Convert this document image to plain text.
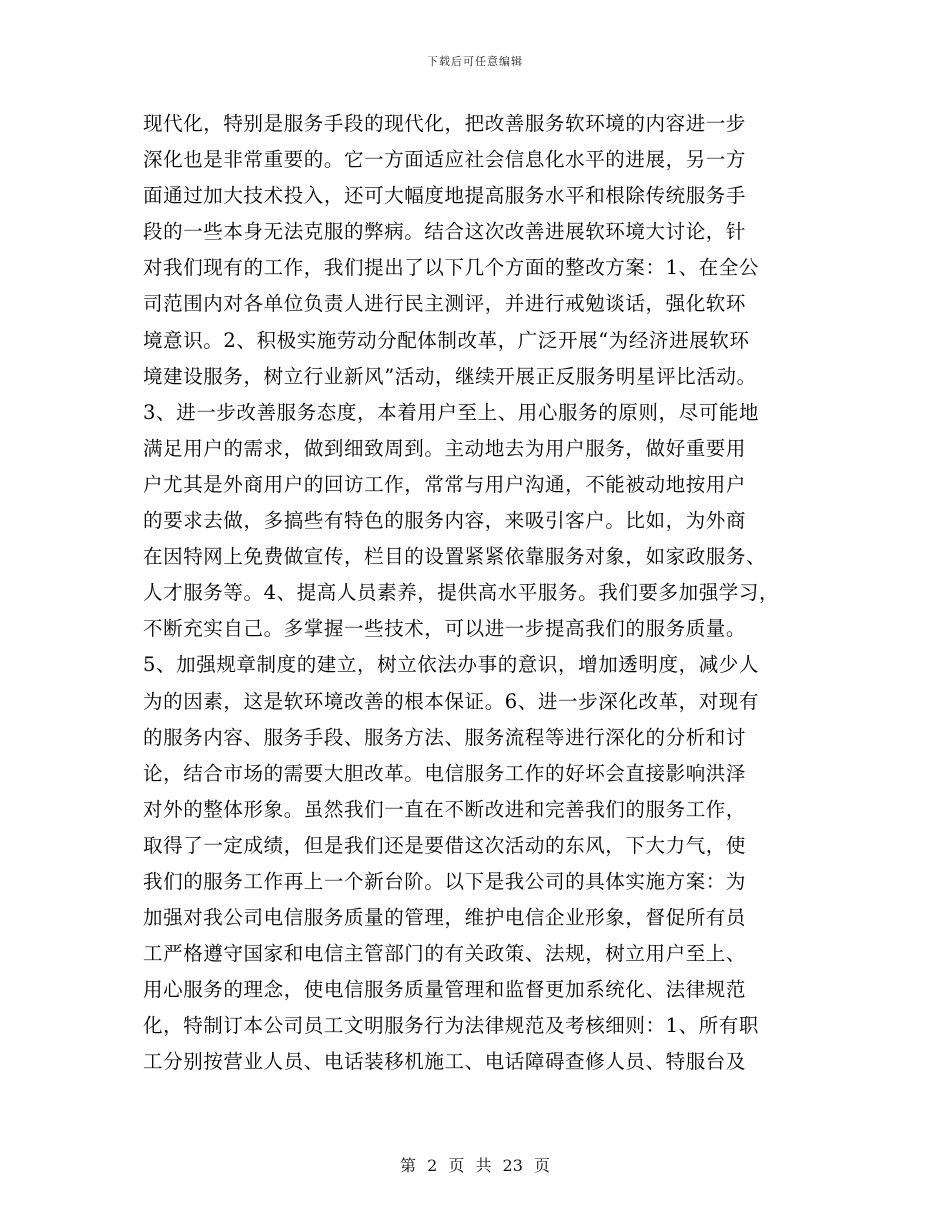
下载后可任意编辑
现代化，特别是服务手段的现代化，把改善服务软环境的内容进一步
深化也是非常重要的。它一方面适应社会信息化水平的进展，另一方
面通过加大技术投入，还可大幅度地提高服务水平和根除传统服务手
段的一些本身无法克服的弊病。结合这次改善进展软环境大讨论，针
对我们现有的工作，我们提出了以下几个方面的整改方案：1、在全公
司范围内对各单位负责人进行民主测评，并进行戒勉谈话，强化软环
境意识。2、积极实施劳动分配体制改革，广泛开展“为经济进展软环
境建设服务，树立行业新风”活动，继续开展正反服务明星评比活动。
3、进一步改善服务态度，本着用户至上、用心服务的原则，尽可能地
满足用户的需求，做到细致周到。主动地去为用户服务，做好重要用
户尤其是外商用户的回访工作，常常与用户沟通，不能被动地按用户
的要求去做，多搞些有特色的服务内容，来吸引客户。比如，为外商
在因特网上免费做宣传，栏目的设置紧紧依靠服务对象，如家政服务、
人才服务等。4、提高人员素养，提供高水平服务。我们要多加强学习，
不断充实自己。多掌握一些技术，可以进一步提高我们的服务质量。
5、加强规章制度的建立，树立依法办事的意识，增加透明度，减少人
为的因素，这是软环境改善的根本保证。6、进一步深化改革，对现有
的服务内容、服务手段、服务方法、服务流程等进行深化的分析和讨
论，结合市场的需要大胆改革。电信服务工作的好坏会直接影响洪泽
对外的整体形象。虽然我们一直在不断改进和完善我们的服务工作，
取得了一定成绩，但是我们还是要借这次活动的东风，下大力气，使
我们的服务工作再上一个新台阶。以下是我公司的具体实施方案：为
加强对我公司电信服务质量的管理，维护电信企业形象，督促所有员
工严格遵守国家和电信主管部门的有关政策、法规，树立用户至上、
用心服务的理念，使电信服务质量管理和监督更加系统化、法律规范
化，特制订本公司员工文明服务行为法律规范及考核细则：1、所有职
工分别按营业人员、电话装移机施工、电话障碍查修人员、特服台及
第 2 页 共 23 页
